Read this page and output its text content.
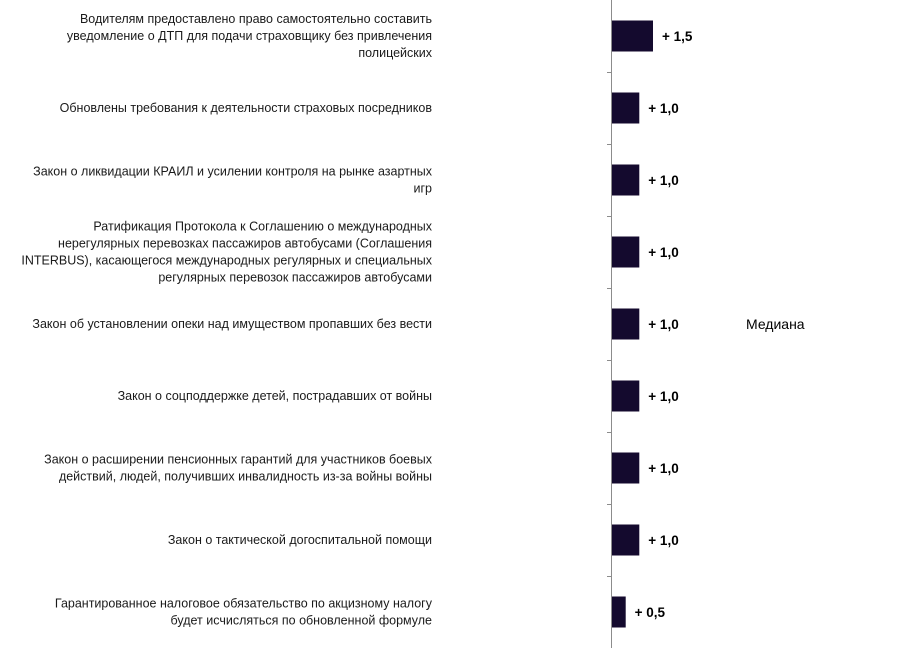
+ 1,5
Водителям предоставлено право самостоятельно составить уведомление о ДТП для подачи страховщику без привлечения полицейских
+ 1,0
Обновлены требования к деятельности страховых посредников
+ 1,0
Закон о ликвидации КРАИЛ и усилении контроля на рынке азартных игр
+ 1,0
Ратификация Протокола к Соглашению о международных нерегулярных перевозках пассажиров автобусами (Соглашения INTERBUS), касающегося международных регулярных и специальных регулярных перевозок пассажиров автобусами
+ 1,0
Закон об установлении опеки над имуществом пропавших без вести
+ 1,0
Закон о соцподдержке детей, пострадавших от войны
+ 1,0
Закон о расширении пенсионных гарантий для участников боевых действий, людей, получивших инвалидность из-за войны войны
+ 1,0
Закон о тактической догоспитальной помощи
+ 0,5
Гарантированное налоговое обязательство по акцизному налогу будет исчисляться по обновленной формуле
Медиана
